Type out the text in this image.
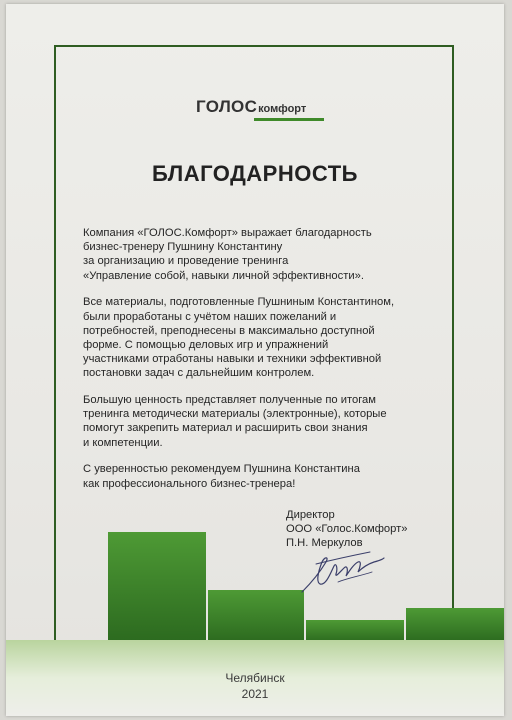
ГОЛОСкомфорт
БЛАГОДАРНОСТЬ

Компания «ГОЛОС.Комфорт» выражает благодарность
бизнес-тренеру Пушнину Константину
за организацию и проведение тренинга
«Управление собой, навыки личной эффективности».

Все материалы, подготовленные Пушниным Константином,
были проработаны с учётом наших пожеланий и
потребностей, преподнесены в максимально доступной
форме. С помощью деловых игр и упражнений
участниками отработаны навыки и техники эффективной
постановки задач с дальнейшим контролем.

Большую ценность представляет полученные по итогам
тренинга методически материалы (электронные), которые
помогут закрепить материал и расширить свои знания
и компетенции.

С уверенностью рекомендуем Пушнина Константина
как профессионального бизнес-тренера!

Директор
ООО «Голос.Комфорт»
П.Н. Меркулов
Челябинск
2021
